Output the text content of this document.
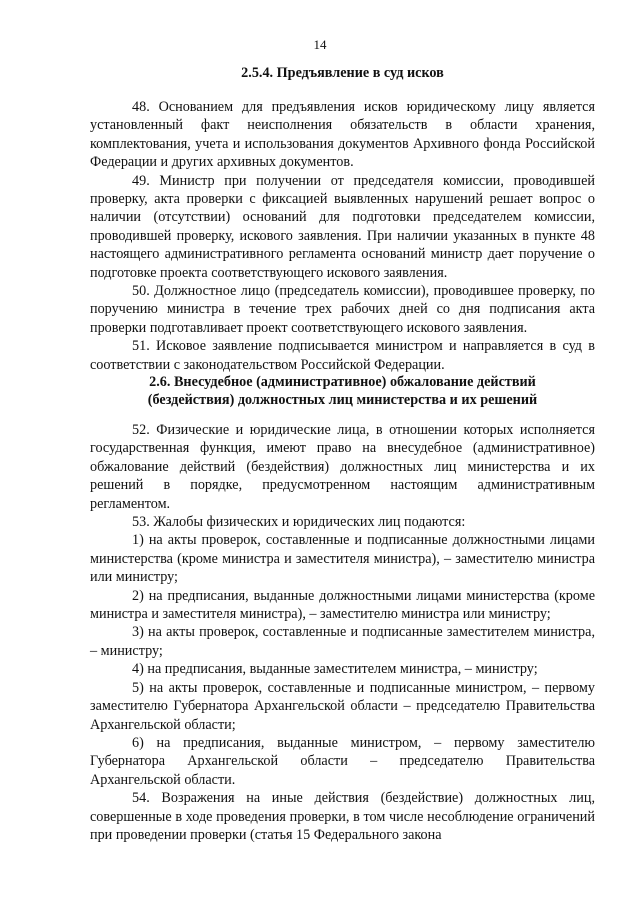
14
2.5.4. Предъявление в суд исков

48. Основанием для предъявления исков юридическому лицу является установленный факт неисполнения обязательств в области хранения, комплектования, учета и использования документов Архивного фонда Российской Федерации и других архивных документов.

49. Министр при получении от председателя комиссии, проводившей проверку, акта проверки с фиксацией выявленных нарушений решает вопрос о наличии (отсутствии) оснований для подготовки председателем комиссии, проводившей проверку, искового заявления. При наличии указанных в пункте 48 настоящего административного регламента оснований министр дает поручение о подготовке проекта соответствующего искового заявления.

50. Должностное лицо (председатель комиссии), проводившее проверку, по поручению министра в течение трех рабочих дней со дня подписания акта проверки подготавливает проект соответствующего искового заявления.

51. Исковое заявление подписывается министром и направляется в суд в соответствии с законодательством Российской Федерации.

2.6. Внесудебное (административное) обжалование действий
(бездействия) должностных лиц министерства и их решений

52. Физические и юридические лица, в отношении которых исполняется государственная функция, имеют право на внесудебное (административное) обжалование действий (бездействия) должностных лиц министерства и их решений в порядке, предусмотренном настоящим административным регламентом.

53. Жалобы физических и юридических лиц подаются:

1) на акты проверок, составленные и подписанные должностными лицами министерства (кроме министра и заместителя министра), – заместителю министра или министру;

2) на предписания, выданные должностными лицами министерства (кроме министра и заместителя министра), – заместителю министра или министру;

3) на акты проверок, составленные и подписанные заместителем министра, – министру;

4) на предписания, выданные заместителем министра, – министру;

5) на акты проверок, составленные и подписанные министром, – первому заместителю Губернатора Архангельской области – председателю Правительства Архангельской области;

6) на предписания, выданные министром, – первому заместителю Губернатора Архангельской области – председателю Правительства Архангельской области.

54. Возражения на иные действия (бездействие) должностных лиц, совершенные в ходе проведения проверки, в том числе несоблюдение ограничений при проведении проверки (статья 15 Федерального закона
